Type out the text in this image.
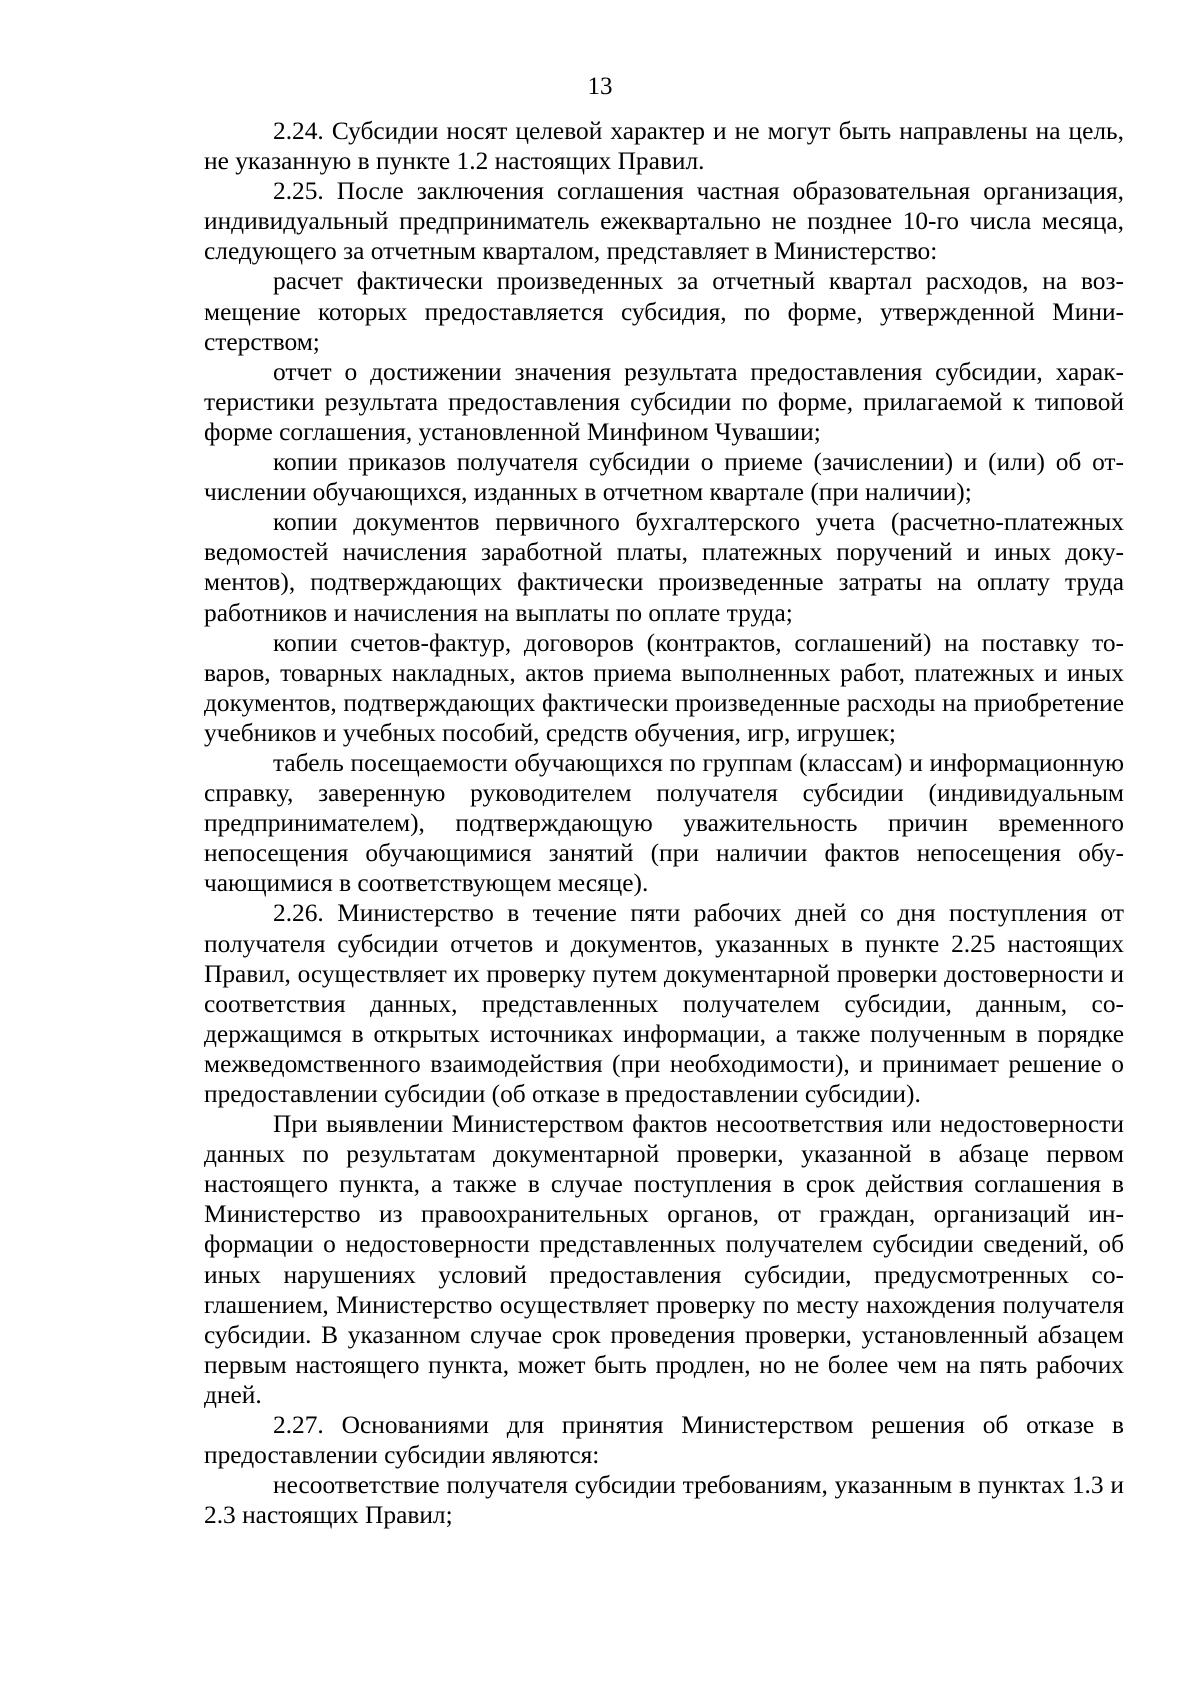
13

2.24. Субсидии носят целевой характер и не могут быть направлены на цель, не указанную в пункте 1.2 настоящих Правил.

2.25. После заключения соглашения частная образовательная организация, индивидуальный предприниматель ежеквартально не позднее 10-го числа месяца, следующего за отчетным кварталом, представляет в Министерство:

расчет фактически произведенных за отчетный квартал расходов, на возмещение которых предоставляется субсидия, по форме, утвержденной Министерством;

отчет о достижении значения результата предоставления субсидии, характеристики результата предоставления субсидии по форме, прилагаемой к типовой форме соглашения, установленной Минфином Чувашии;

копии приказов получателя субсидии о приеме (зачислении) и (или) об отчислении обучающихся, изданных в отчетном квартале (при наличии);

копии документов первичного бухгалтерского учета (расчетно-платежных ведомостей начисления заработной платы, платежных поручений и иных документов), подтверждающих фактически произведенные затраты на оплату труда работников и начисления на выплаты по оплате труда;

копии счетов-фактур, договоров (контрактов, соглашений) на поставку товаров, товарных накладных, актов приема выполненных работ, платежных и иных документов, подтверждающих фактически произведенные расходы на приобретение учебников и учебных пособий, средств обучения, игр, игрушек;

табель посещаемости обучающихся по группам (классам) и информационную справку, заверенную руководителем получателя субсидии (индивидуальным предпринимателем), подтверждающую уважительность причин временного непосещения обучающимися занятий (при наличии фактов непосещения обучающимися в соответствующем месяце).

2.26. Министерство в течение пяти рабочих дней со дня поступления от получателя субсидии отчетов и документов, указанных в пункте 2.25 настоящих Правил, осуществляет их проверку путем документарной проверки достоверности и соответствия данных, представленных получателем субсидии, данным, содержащимся в открытых источниках информации, а также полученным в порядке межведомственного взаимодействия (при необходимости), и принимает решение о предоставлении субсидии (об отказе в предоставлении субсидии).

При выявлении Министерством фактов несоответствия или недостоверности данных по результатам документарной проверки, указанной в абзаце первом настоящего пункта, а также в случае поступления в срок действия соглашения в Министерство из правоохранительных органов, от граждан, организаций информации о недостоверности представленных получателем субсидии сведений, об иных нарушениях условий предоставления субсидии, предусмотренных соглашением, Министерство осуществляет проверку по месту нахождения получателя субсидии. В указанном случае срок проведения проверки, установленный абзацем первым настоящего пункта, может быть продлен, но не более чем на пять рабочих дней.

2.27. Основаниями для принятия Министерством решения об отказе в предоставлении субсидии являются:

несоответствие получателя субсидии требованиям, указанным в пунктах 1.3 и 2.3 настоящих Правил;
